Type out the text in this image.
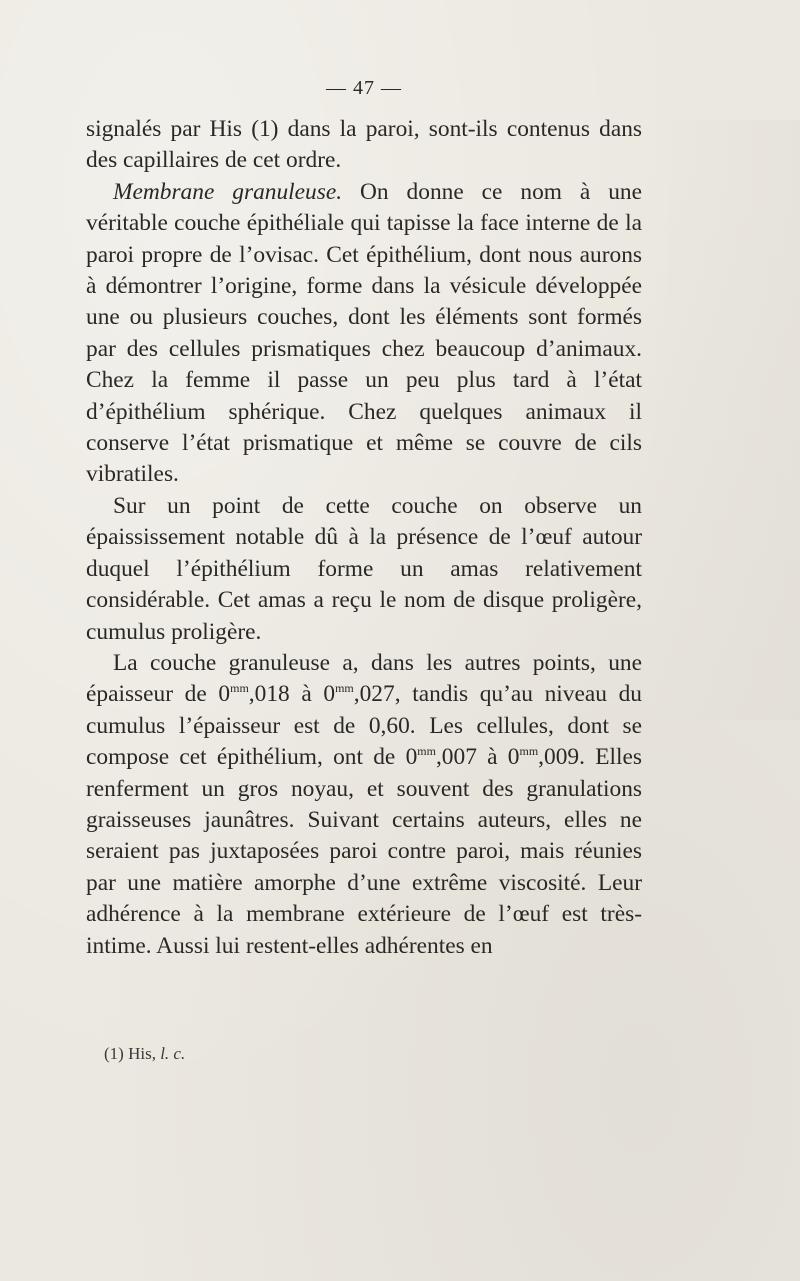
— 47 —

signalés par His (1) dans la paroi, sont-ils contenus dans des capillaires de cet ordre.

Membrane granuleuse. On donne ce nom à une véritable couche épithéliale qui tapisse la face interne de la paroi propre de l’ovisac. Cet épithélium, dont nous aurons à démontrer l’origine, forme dans la vésicule développée une ou plusieurs couches, dont les éléments sont formés par des cellules prismatiques chez beaucoup d’animaux. Chez la femme il passe un peu plus tard à l’état d’épithélium sphérique. Chez quelques animaux il conserve l’état prismatique et même se couvre de cils vibratiles.

Sur un point de cette couche on observe un épaississement notable dû à la présence de l’œuf autour duquel l’épithélium forme un amas relativement considérable. Cet amas a reçu le nom de disque proligère, cumulus proligère.

La couche granuleuse a, dans les autres points, une épaisseur de $0^{mm},018$ à $0^{mm},027$, tandis qu’au niveau du cumulus l’épaisseur est de 0,60. Les cellules, dont se compose cet épithélium, ont de $0^{mm},007$ à $0^{mm},009$. Elles renferment un gros noyau, et souvent des granulations graisseuses jaunâtres. Suivant certains auteurs, elles ne seraient pas juxtaposées paroi contre paroi, mais réunies par une matière amorphe d’une extrême viscosité. Leur adhérence à la membrane extérieure de l’œuf est très-intime. Aussi lui restent-elles adhérentes en

(1) His, l. c.
